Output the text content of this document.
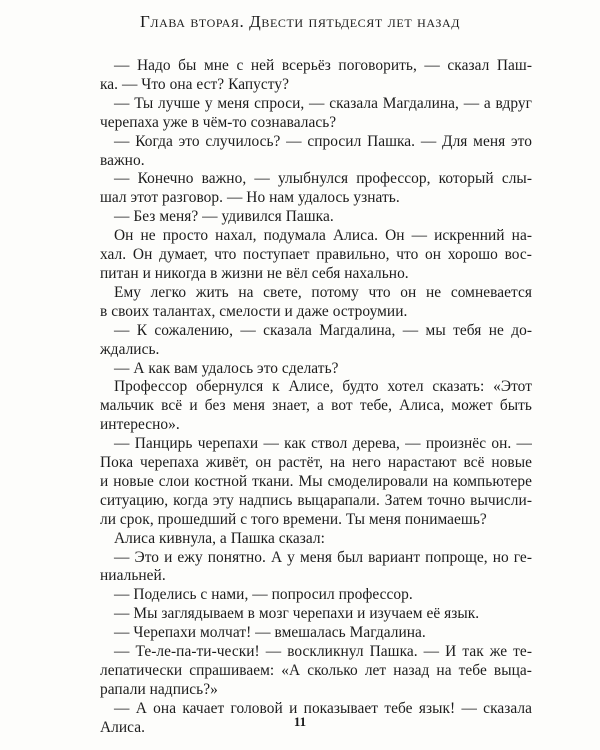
Глава вторая. Двести пятьдесят лет назад

— Надо бы мне с ней всерьёз поговорить, — сказал Паш-
ка. — Что она ест? Капусту?

— Ты лучше у меня спроси, — сказала Магдалина, — а вдруг
черепаха уже в чём-то сознавалась?

— Когда это случилось? — спросил Пашка. — Для меня это
важно.

— Конечно важно, — улыбнулся профессор, который слы-
шал этот разговор. — Но нам удалось узнать.

— Без меня? — удивился Пашка.

Он не просто нахал, подумала Алиса. Он — искренний на-
хал. Он думает, что поступает правильно, что он хорошо вос-
питан и никогда в жизни не вёл себя нахально.

Ему легко жить на свете, потому что он не сомневается
в своих талантах, смелости и даже остроумии.

— К сожалению, — сказала Магдалина, — мы тебя не до-
ждались.

— А как вам удалось это сделать?

Профессор обернулся к Алисе, будто хотел сказать: «Этот
мальчик всё и без меня знает, а вот тебе, Алиса, может быть
интересно».

— Панцирь черепахи — как ствол дерева, — произнёс он. —
Пока черепаха живёт, он растёт, на него нарастают всё новые
и новые слои костной ткани. Мы смоделировали на компьютере
ситуацию, когда эту надпись выцарапали. Затем точно вычисли-
ли срок, прошедший с того времени. Ты меня понимаешь?

Алиса кивнула, а Пашка сказал:

— Это и ежу понятно. А у меня был вариант попроще, но ге-
ниальней.

— Поделись с нами, — попросил профессор.

— Мы заглядываем в мозг черепахи и изучаем её язык.

— Черепахи молчат! — вмешалась Магдалина.

— Те-ле-па-ти-чески! — воскликнул Пашка. — И так же те-
лепатически спрашиваем: «А сколько лет назад на тебе выца-
рапали надпись?»

— А она качает головой и показывает тебе язык! — сказала
Алиса.	11
